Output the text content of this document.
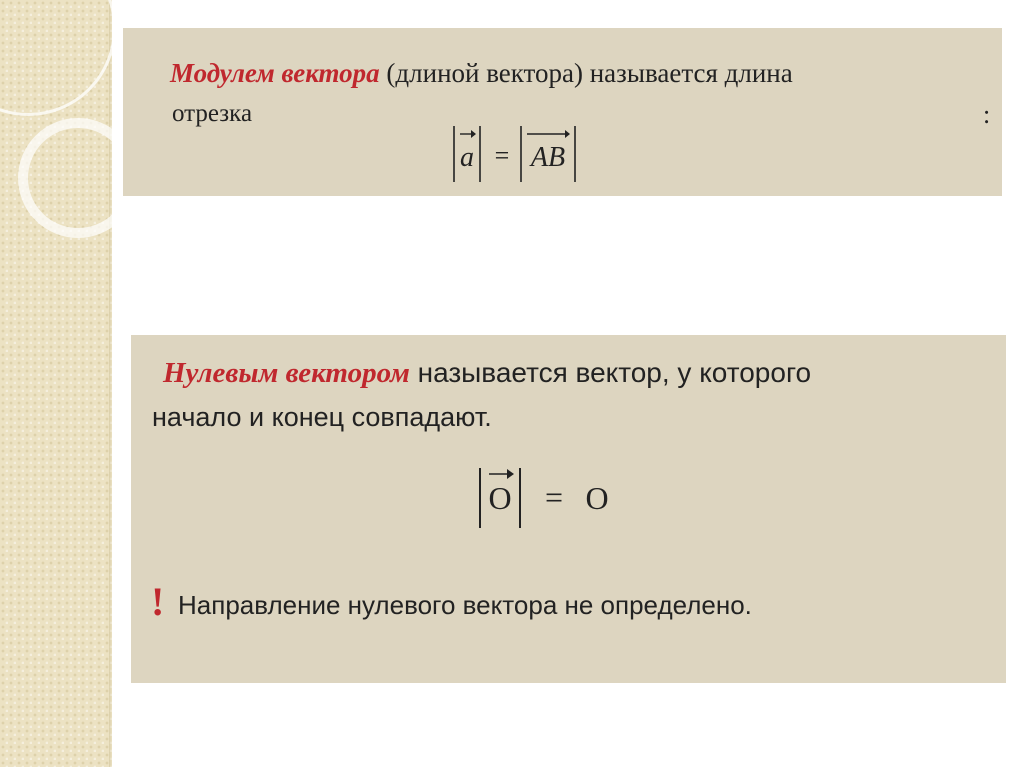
Модулем вектора (длиной вектора) называется длина
отрезка	:
a = AB
Нулевым вектором называется вектор, у которого
начало и конец совпадают.
O = O
! Направление нулевого вектора не определено.
